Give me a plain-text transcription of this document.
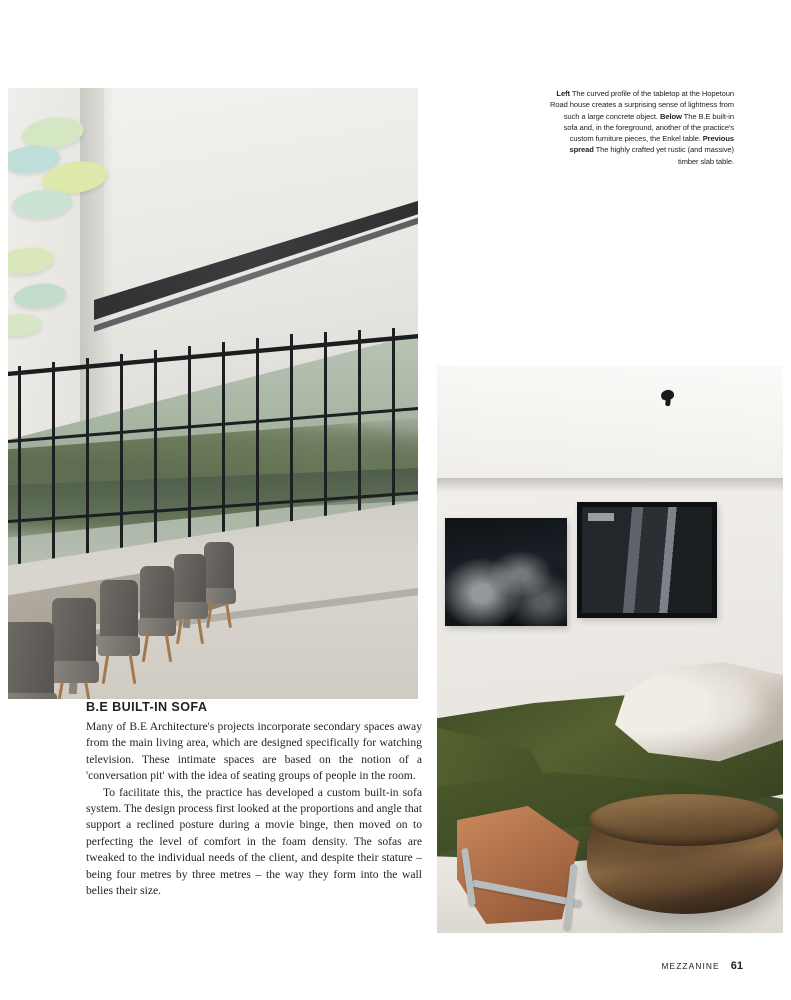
Left The curved profile of the tabletop at the Hopetoun Road house creates a surprising sense of lightness from such a large concrete object. Below The B.E built-in sofa and, in the foreground, another of the practice's custom furniture pieces, the Enkel table. Previous spread The highly crafted yet rustic (and massive) timber slab table.
B.E BUILT-IN SOFA

Many of B.E Architecture's projects incorporate secondary spaces away from the main living area, which are designed specifically for watching television. These intimate spaces are based on the notion of a 'conversation pit' with the idea of seating groups of people in the room.

To facilitate this, the practice has developed a custom built-in sofa system. The design process first looked at the proportions and angle that support a reclined posture during a movie binge, then moved on to perfecting the level of comfort in the foam density. The sofas are tweaked to the individual needs of the client, and despite their stature – being four metres by three metres – the way they form into the wall belies their size.

MEZZANINE 61
